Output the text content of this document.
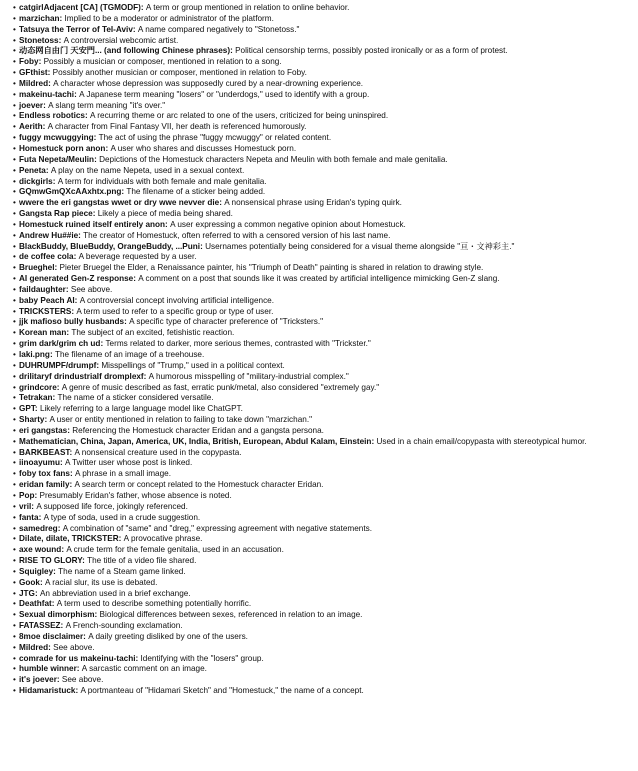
• catgirlAdjacent [CA] (TGMODF): A term or group mentioned in relation to online behavior.
• marzichan: Implied to be a moderator or administrator of the platform.
• Tatsuya the Terror of Tel-Aviv: A name compared negatively to "Stonetoss."
• Stonetoss: A controversial webcomic artist.
• 动态网自由门 天安門... (and following Chinese phrases): Political censorship terms, possibly posted ironically or as a form of protest.
• Foby: Possibly a musician or composer, mentioned in relation to a song.
• GFthist: Possibly another musician or composer, mentioned in relation to Foby.
• Mildred: A character whose depression was supposedly cured by a near-drowning experience.
• makeinu-tachi: A Japanese term meaning "losers" or "underdogs," used to identify with a group.
• joever: A slang term meaning "it's over."
• Endless robotics: A recurring theme or arc related to one of the users, criticized for being uninspired.
• Aerith: A character from Final Fantasy VII, her death is referenced humorously.
• fuggy mcwuggying: The act of using the phrase "fuggy mcwuggy" or related content.
• Homestuck porn anon: A user who shares and discusses Homestuck porn.
• Futa Nepeta/Meulin: Depictions of the Homestuck characters Nepeta and Meulin with both female and male genitalia.
• Peneta: A play on the name Nepeta, used in a sexual context.
• dickgirls: A term for individuals with both female and male genitalia.
• GQmwGmQXcAAxhtx.png: The filename of a sticker being added.
• wwere the eri gangstas wwet or dry wwe nevver die: A nonsensical phrase using Eridan's typing quirk.
• Gangsta Rap piece: Likely a piece of media being shared.
• Homestuck ruined itself entirely anon: A user expressing a common negative opinion about Homestuck.
• Andrew Hu##ie: The creator of Homestuck, often referred to with a censored version of his last name.
• BlackBuddy, BlueBuddy, OrangeBuddy, ...Puni: Usernames potentially being considered for a visual theme alongside "亘・文神彩主."
• de coffee cola: A beverage requested by a user.
• Brueghel: Pieter Bruegel the Elder, a Renaissance painter, his "Triumph of Death" painting is shared in relation to drawing style.
• AI generated Gen-Z response: A comment on a post that sounds like it was created by artificial intelligence mimicking Gen-Z slang.
• faildaughter: See above.
• baby Peach AI: A controversial concept involving artificial intelligence.
• TRICKSTERS: A term used to refer to a specific group or type of user.
• jjk mafioso bully husbands: A specific type of character preference of "Tricksters."
• Korean man: The subject of an excited, fetishistic reaction.
• grim dark/grim ch ud: Terms related to darker, more serious themes, contrasted with "Trickster."
• laki.png: The filename of an image of a treehouse.
• DUHRUMPF/drumpf: Misspellings of "Trump," used in a political context.
• drilitaryf drindustrialf dromplexf: A humorous misspelling of "military-industrial complex."
• grindcore: A genre of music described as fast, erratic punk/metal, also considered "extremely gay."
• Tetrakan: The name of a sticker considered versatile.
• GPT: Likely referring to a large language model like ChatGPT.
• Sharty: A user or entity mentioned in relation to failing to take down "marzichan."
• eri gangstas: Referencing the Homestuck character Eridan and a gangsta persona.
• Mathematician, China, Japan, America, UK, India, British, European, Abdul Kalam, Einstein: Used in a chain email/copypasta with stereotypical humor.
• BARKBEAST: A nonsensical creature used in the copypasta.
• iinoayumu: A Twitter user whose post is linked.
• foby tox fans: A phrase in a small image.
• eridan family: A search term or concept related to the Homestuck character Eridan.
• Pop: Presumably Eridan's father, whose absence is noted.
• vril: A supposed life force, jokingly referenced.
• fanta: A type of soda, used in a crude suggestion.
• samedreg: A combination of "same" and "dreg," expressing agreement with negative statements.
• Dilate, dilate, TRICKSTER: A provocative phrase.
• axe wound: A crude term for the female genitalia, used in an accusation.
• RISE TO GLORY: The title of a video file shared.
• Squigley: The name of a Steam game linked.
• Gook: A racial slur, its use is debated.
• JTG: An abbreviation used in a brief exchange.
• Deathfat: A term used to describe something potentially horrific.
• Sexual dimorphism: Biological differences between sexes, referenced in relation to an image.
• FATASSEZ: A French-sounding exclamation.
• 8moe disclaimer: A daily greeting disliked by one of the users.
• Mildred: See above.
• comrade for us makeinu-tachi: Identifying with the "losers" group.
• humble winner: A sarcastic comment on an image.
• it's joever: See above.
• Hidamaristuck: A portmanteau of "Hidamari Sketch" and "Homestuck," the name of a concept.
